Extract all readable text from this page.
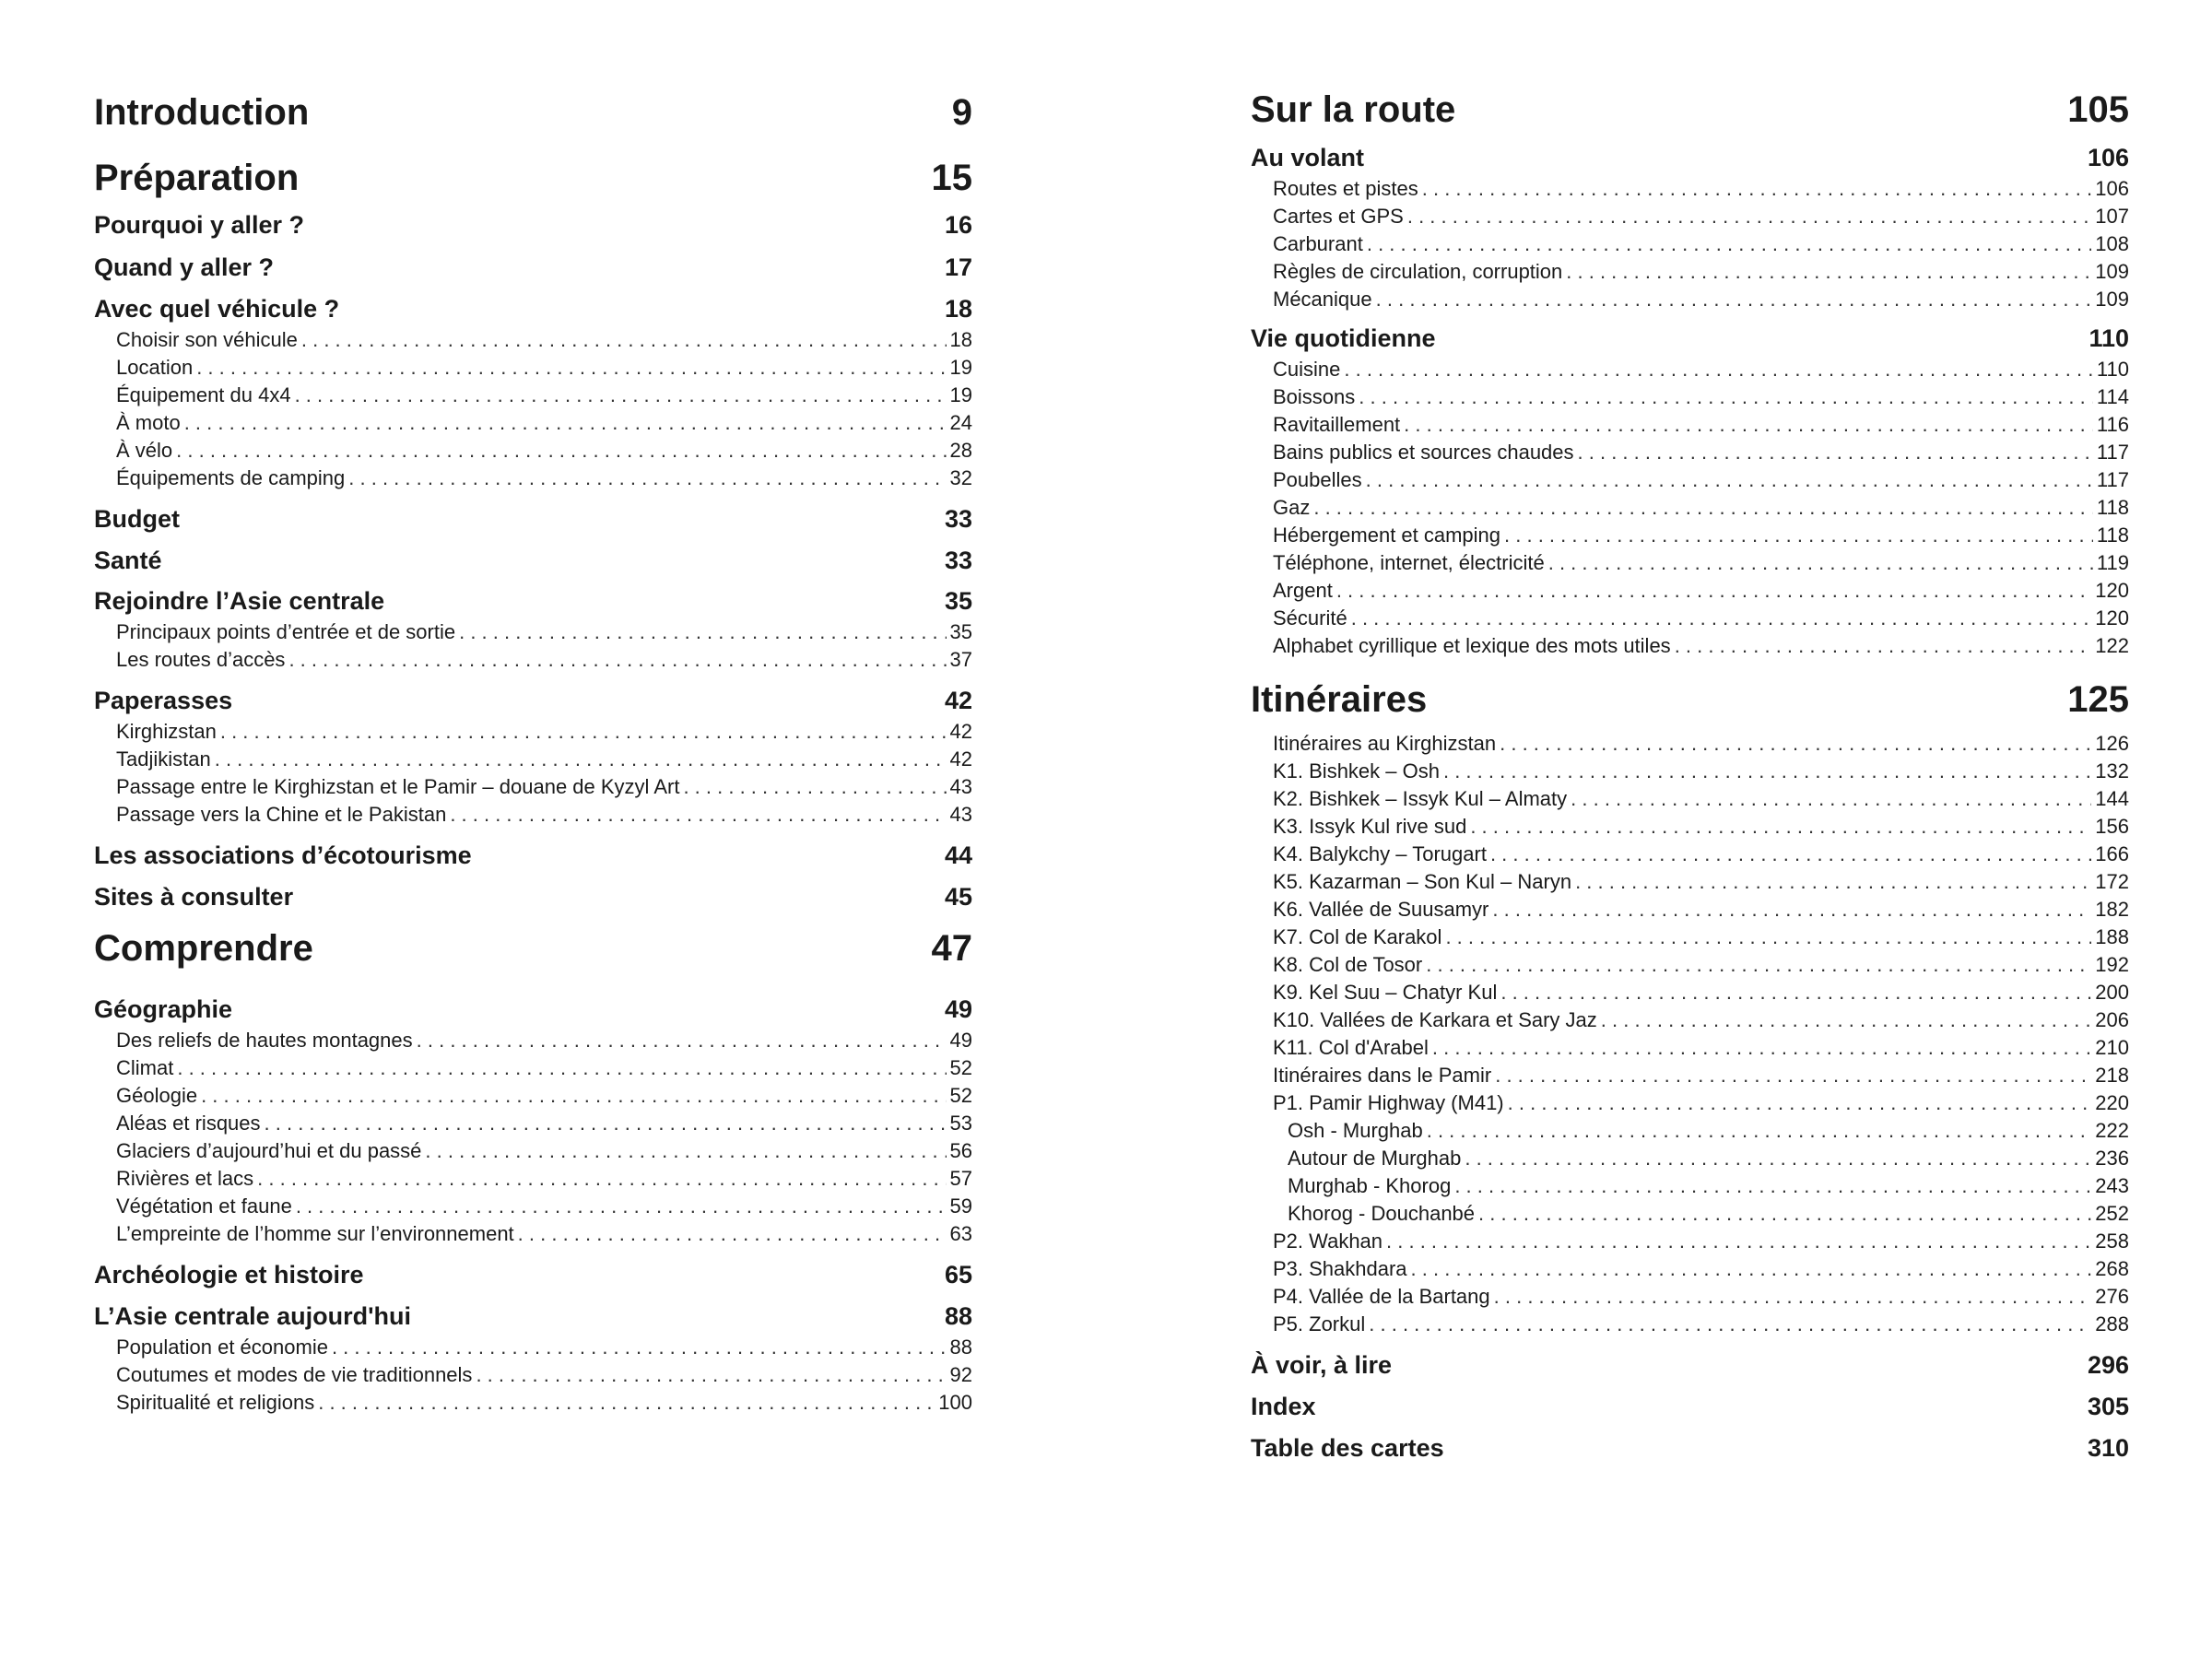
Introduction	9
Préparation	15
Pourquoi y aller ?	16
Quand y aller ?	17
Avec quel véhicule ?	18
Choisir son véhicule . . .	18
Location . . .	19
Équipement du 4x4 . . .	19
À moto . . .	24
À vélo . . .	28
Équipements de camping . . .	32
Budget	33
Santé	33
Rejoindre l’Asie centrale	35
Principaux points d’entrée et de sortie . . .	35
Les routes d’accès . . .	37
Paperasses	42
Kirghizstan . . .	42
Tadjikistan . . .	42
Passage entre le Kirghizstan et le Pamir – douane de Kyzyl Art . . .	43
Passage vers la Chine et le Pakistan . . .	43
Les associations d’écotourisme	44
Sites à consulter	45
Comprendre	47
Géographie	49
Des reliefs de hautes montagnes . . .	49
Climat . . .	52
Géologie . . .	52
Aléas et risques . . .	53
Glaciers d’aujourd’hui et du passé . . .	56
Rivières et lacs . . .	57
Végétation et faune . . .	59
L’empreinte de l’homme sur l’environnement . . .	63
Archéologie et histoire	65
L’Asie centrale aujourd'hui	88
Population et économie . . .	88
Coutumes et modes de vie traditionnels . . .	92
Spiritualité et religions . . .	100
Sur la route	105
Au volant	106
Routes et pistes . . .	106
Cartes et GPS . . .	107
Carburant . . .	108
Règles de circulation, corruption . . .	109
Mécanique . . .	109
Vie quotidienne	110
Cuisine . . .	110
Boissons . . .	114
Ravitaillement . . .	116
Bains publics et sources chaudes . . .	117
Poubelles . . .	117
Gaz . . .	118
Hébergement et camping . . .	118
Téléphone, internet, électricité . . .	119
Argent . . .	120
Sécurité . . .	120
Alphabet cyrillique et lexique des mots utiles . . .	122
Itinéraires	125
Itinéraires au Kirghizstan . . .	126
K1. Bishkek – Osh . . .	132
K2. Bishkek – Issyk Kul – Almaty . . .	144
K3. Issyk Kul rive sud . . .	156
K4. Balykchy – Torugart . . .	166
K5. Kazarman – Son Kul – Naryn . . .	172
K6. Vallée de Suusamyr . . .	182
K7. Col de Karakol . . .	188
K8. Col de Tosor . . .	192
K9. Kel Suu – Chatyr Kul . . .	200
K10. Vallées de Karkara et Sary Jaz . . .	206
K11. Col d'Arabel . . .	210
Itinéraires dans le Pamir . . .	218
P1. Pamir Highway (M41) . . .	220
Osh - Murghab . . .	222
Autour de Murghab . . .	236
Murghab - Khorog . . .	243
Khorog - Douchanbé . . .	252
P2. Wakhan . . .	258
P3. Shakhdara . . .	268
P4. Vallée de la Bartang . . .	276
P5. Zorkul . . .	288
À voir, à lire	296
Index	305
Table des cartes	310
